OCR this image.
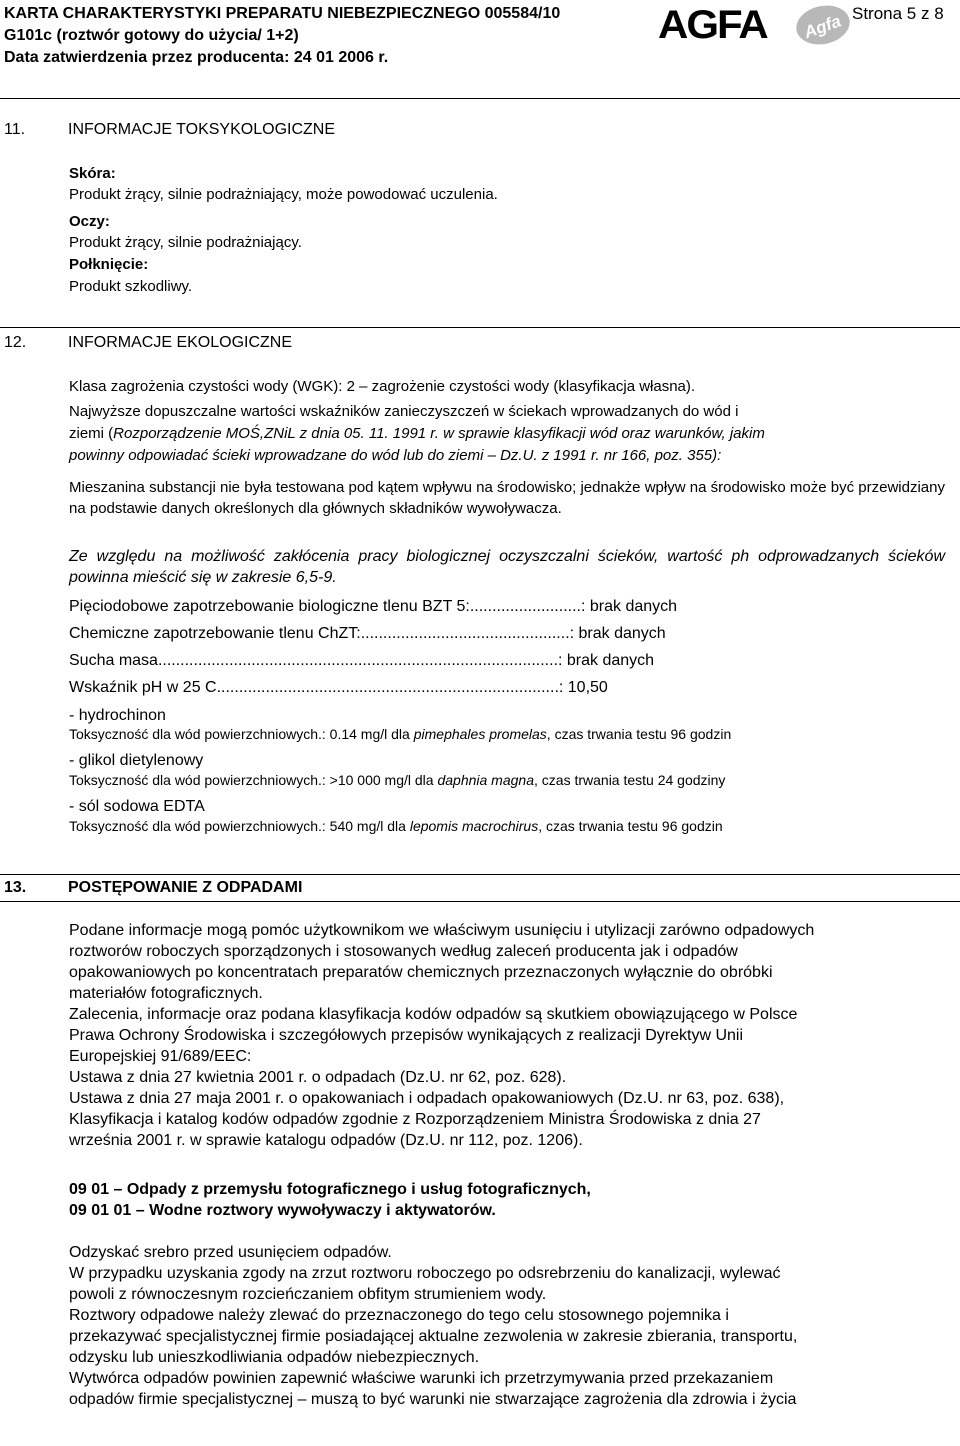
KARTA CHARAKTERYSTYKI PREPARATU NIEBEZPIECZNEGO 005584/10
G101c (roztwór gotowy do użycia/ 1+2)
Data zatwierdzenia przez producenta: 24 01 2006 r.
AGFA Agfa Strona 5 z 8
11.	INFORMACJE TOKSYKOLOGICZNE
Skóra:
Produkt żrący, silnie podrażniający, może powodować uczulenia.
Oczy:
Produkt żrący, silnie podrażniający.
Połknięcie:
Produkt szkodliwy.
12.	INFORMACJE EKOLOGICZNE
Klasa zagrożenia czystości wody (WGK): 2 – zagrożenie czystości wody (klasyfikacja własna).
Najwyższe dopuszczalne wartości wskaźników zanieczyszczeń w ściekach wprowadzanych do wód i
ziemi (Rozporządzenie MOŚ,ZNiL z dnia 05. 11. 1991 r. w sprawie klasyfikacji wód oraz warunków, jakim
powinny odpowiadać ścieki wprowadzane do wód lub do ziemi – Dz.U. z 1991 r. nr 166, poz. 355):
Mieszanina substancji nie była testowana pod kątem wpływu na środowisko; jednakże wpływ na środowisko może być przewidziany na podstawie danych określonych dla głównych składników wywoływacza.
Ze względu na możliwość zakłócenia pracy biologicznej oczyszczalni ścieków, wartość ph odprowadzanych ścieków powinna mieścić się w zakresie 6,5-9.
Pięciodobowe zapotrzebowanie biologiczne tlenu BZT 5:.........................: brak danych
Chemiczne zapotrzebowanie tlenu ChZT:...............................................: brak danych
Sucha masa..........................................................................................: brak danych
Wskaźnik pH w 25 C.............................................................................: 10,50
- hydrochinon
Toksyczność dla wód powierzchniowych.: 0.14 mg/l dla pimephales promelas, czas trwania testu 96 godzin
- glikol dietylenowy
Toksyczność dla wód powierzchniowych.: >10 000 mg/l dla daphnia magna, czas trwania testu 24 godziny
- sól sodowa EDTA
Toksyczność dla wód powierzchniowych.: 540 mg/l dla lepomis macrochirus, czas trwania testu 96 godzin
13.	POSTĘPOWANIE Z ODPADAMI
Podane informacje mogą pomóc użytkownikom we właściwym usunięciu i utylizacji zarówno odpadowych
roztworów roboczych sporządzonych i stosowanych według zaleceń producenta jak i odpadów
opakowaniowych po koncentratach preparatów chemicznych przeznaczonych wyłącznie do obróbki
materiałów fotograficznych.
Zalecenia, informacje oraz podana klasyfikacja kodów odpadów są skutkiem obowiązującego w Polsce
Prawa Ochrony Środowiska i szczegółowych przepisów wynikających z realizacji Dyrektyw Unii
Europejskiej 91/689/EEC:
Ustawa z dnia 27 kwietnia 2001 r. o odpadach (Dz.U. nr 62, poz. 628).
Ustawa z dnia 27 maja 2001 r. o opakowaniach i odpadach opakowaniowych (Dz.U. nr 63, poz. 638),
Klasyfikacja i katalog kodów odpadów zgodnie z Rozporządzeniem Ministra Środowiska z dnia 27
września 2001 r. w sprawie katalogu odpadów (Dz.U. nr 112, poz. 1206).
09 01 – Odpady z przemysłu fotograficznego i usług fotograficznych,
09 01 01 – Wodne roztwory wywoływaczy i aktywatorów.
Odzyskać srebro przed usunięciem odpadów.
W przypadku uzyskania zgody na zrzut roztworu roboczego po odsrebrzeniu do kanalizacji, wylewać
powoli z równoczesnym rozcieńczaniem obfitym strumieniem wody.
Roztwory odpadowe należy zlewać do przeznaczonego do tego celu stosownego pojemnika i
przekazywać specjalistycznej firmie posiadającej aktualne zezwolenia w zakresie zbierania, transportu,
odzysku lub unieszkodliwiania odpadów niebezpiecznych.
Wytwórca odpadów powinien zapewnić właściwe warunki ich przetrzymywania przed przekazaniem
odpadów firmie specjalistycznej – muszą to być warunki nie stwarzające zagrożenia dla zdrowia i życia
